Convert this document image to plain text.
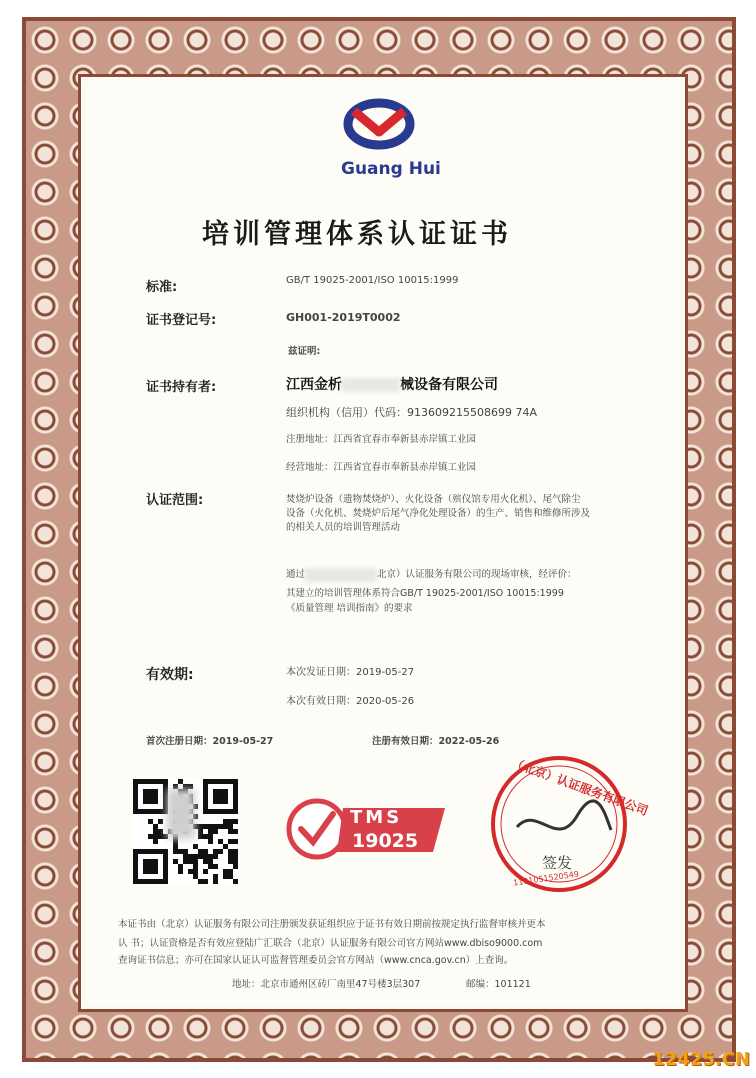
Guang Hui
培训管理体系认证证书
标准:	GB/T 19025-2001/ISO 10015:1999
证书登记号:	GH001-2019T0002
兹证明:
证书持有者:	江西金析	械设备有限公司
组织机构（信用）代码：913609215508699 74A
注册地址：江西省宜春市奉新县赤岸镇工业园
经营地址：江西省宜春市奉新县赤岸镇工业园
认证范围:	焚烧炉设备（遗物焚烧炉）、火化设备（殡仪馆专用火化机）、尾气除尘
设备（火化机、焚烧炉后尾气净化处理设备）的生产、销售和维修所涉及
的相关人员的培训管理活动
通过	北京）认证服务有限公司的现场审核，经评价：
其建立的培训管理体系符合GB/T 19025-2001/ISO 10015:1999
《质量管理 培训指南》的要求
有效期:	本次发证日期：2019-05-27
本次有效日期：2020-05-26
首次注册日期：2019-05-27	注册有效日期：2022-05-26
TMS
19025
（北京）认证服务有限公司
签发
1101051520549
本证书由（北京）认证服务有限公司注册颁发获证组织应于证书有效日期前按规定执行监督审核并更本
认 书；认证资格是否有效应登陆广汇联合（北京）认证服务有限公司官方网站www.dbiso9000.com
查询证书信息；亦可在国家认证认可监督管理委员会官方网站（www.cnca.gov.cn）上查询。
地址：北京市通州区砖厂南里47号楼3层307	邮编：101121
12425.CN
